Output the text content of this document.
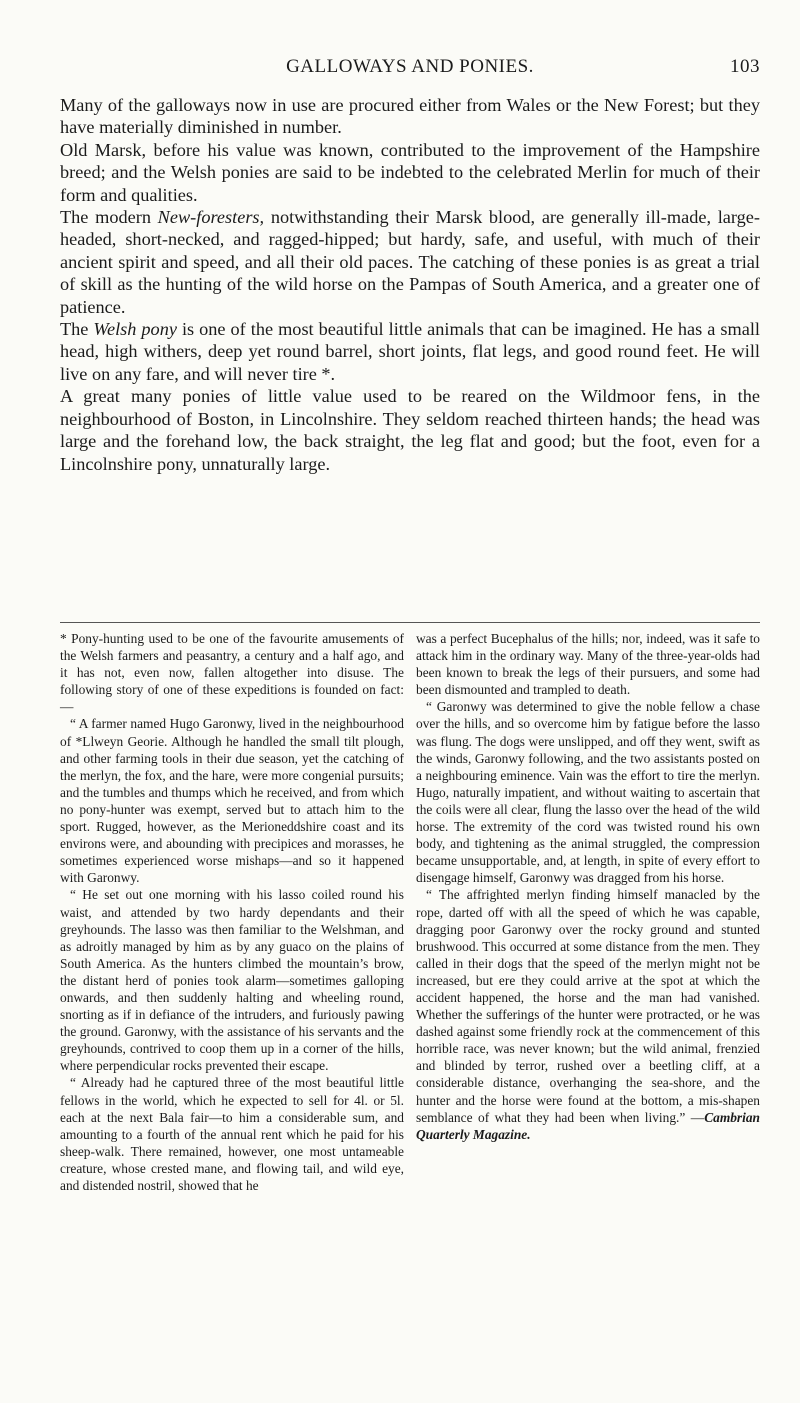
GALLOWAYS AND PONIES.	103

Many of the galloways now in use are procured either from Wales or the New Forest; but they have materially diminished in number.

Old Marsk, before his value was known, contributed to the improvement of the Hampshire breed; and the Welsh ponies are said to be indebted to the celebrated Merlin for much of their form and qualities.

The modern New-foresters, notwithstanding their Marsk blood, are generally ill-made, large-headed, short-necked, and ragged-hipped; but hardy, safe, and useful, with much of their ancient spirit and speed, and all their old paces. The catching of these ponies is as great a trial of skill as the hunting of the wild horse on the Pampas of South America, and a greater one of patience.

The Welsh pony is one of the most beautiful little animals that can be imagined. He has a small head, high withers, deep yet round barrel, short joints, flat legs, and good round feet. He will live on any fare, and will never tire *.

A great many ponies of little value used to be reared on the Wildmoor fens, in the neighbourhood of Boston, in Lincolnshire. They seldom reached thirteen hands; the head was large and the forehand low, the back straight, the leg flat and good; but the foot, even for a Lincolnshire pony, unnaturally large.

* Pony-hunting used to be one of the favourite amusements of the Welsh farmers and peasantry, a century and a half ago, and it has not, even now, fallen altogether into disuse. The following story of one of these expeditions is founded on fact:—

“ A farmer named Hugo Garonwy, lived in the neighbourhood of *Llweyn Georie. Although he handled the small tilt plough, and other farming tools in their due season, yet the catching of the merlyn, the fox, and the hare, were more congenial pursuits; and the tumbles and thumps which he received, and from which no pony-hunter was exempt, served but to attach him to the sport. Rugged, however, as the Merioneddshire coast and its environs were, and abounding with precipices and morasses, he sometimes experienced worse mishaps—and so it happened with Garonwy.

“ He set out one morning with his lasso coiled round his waist, and attended by two hardy dependants and their greyhounds. The lasso was then familiar to the Welshman, and as adroitly managed by him as by any guaco on the plains of South America. As the hunters climbed the mountain’s brow, the distant herd of ponies took alarm—sometimes galloping onwards, and then suddenly halting and wheeling round, snorting as if in defiance of the intruders, and furiously pawing the ground. Garonwy, with the assistance of his servants and the greyhounds, contrived to coop them up in a corner of the hills, where perpendicular rocks prevented their escape.

“ Already had he captured three of the most beautiful little fellows in the world, which he expected to sell for 4l. or 5l. each at the next Bala fair—to him a considerable sum, and amounting to a fourth of the annual rent which he paid for his sheep-walk. There remained, however, one most untameable creature, whose crested mane, and flowing tail, and wild eye, and distended nostril, showed that he

was a perfect Bucephalus of the hills; nor, indeed, was it safe to attack him in the ordinary way. Many of the three-year-olds had been known to break the legs of their pursuers, and some had been dismounted and trampled to death.

“ Garonwy was determined to give the noble fellow a chase over the hills, and so overcome him by fatigue before the lasso was flung. The dogs were unslipped, and off they went, swift as the winds, Garonwy following, and the two assistants posted on a neighbouring eminence. Vain was the effort to tire the merlyn. Hugo, naturally impatient, and without waiting to ascertain that the coils were all clear, flung the lasso over the head of the wild horse. The extremity of the cord was twisted round his own body, and tightening as the animal struggled, the compression became unsupportable, and, at length, in spite of every effort to disengage himself, Garonwy was dragged from his horse.

“ The affrighted merlyn finding himself manacled by the rope, darted off with all the speed of which he was capable, dragging poor Garonwy over the rocky ground and stunted brushwood. This occurred at some distance from the men. They called in their dogs that the speed of the merlyn might not be increased, but ere they could arrive at the spot at which the accident happened, the horse and the man had vanished. Whether the sufferings of the hunter were protracted, or he was dashed against some friendly rock at the commencement of this horrible race, was never known; but the wild animal, frenzied and blinded by terror, rushed over a beetling cliff, at a considerable distance, overhanging the sea-shore, and the hunter and the horse were found at the bottom, a mis-shapen semblance of what they had been when living.” —Cambrian Quarterly Magazine.
